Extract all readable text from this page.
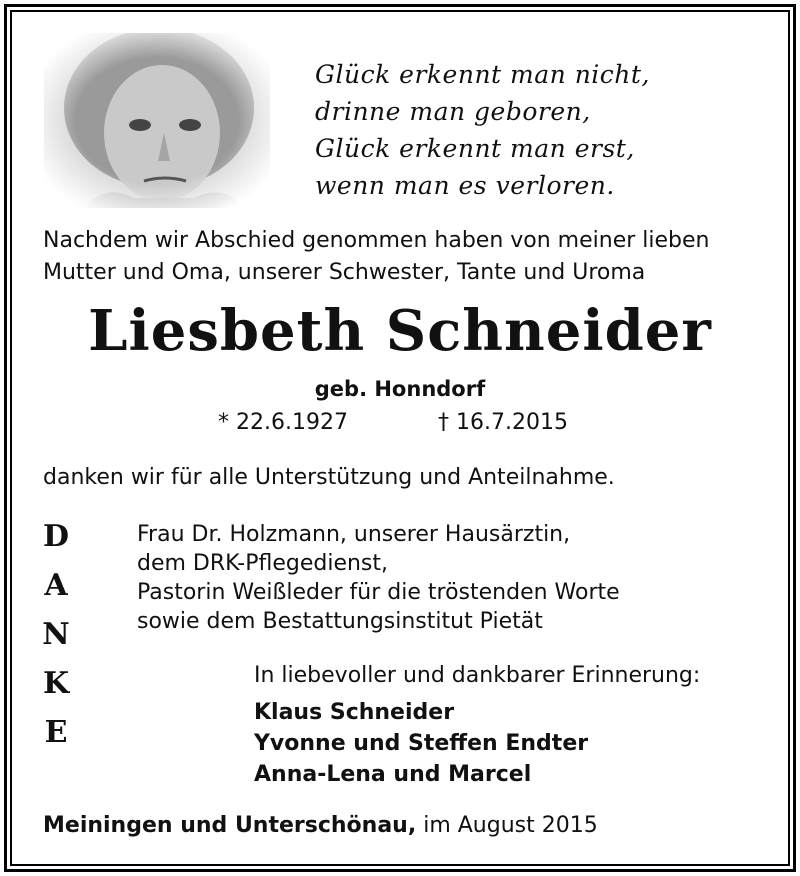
Glück erkennt man nicht,
drinne man geboren,
Glück erkennt man erst,
wenn man es verloren.
Nachdem wir Abschied genommen haben von meiner lieben
Mutter und Oma, unserer Schwester, Tante und Uroma
Liesbeth Schneider
geb. Honndorf
* 22.6.1927	† 16.7.2015
danken wir für alle Unterstützung und Anteilnahme.
D
A
N
K
E
Frau Dr. Holzmann, unserer Hausärztin,
dem DRK-Pflegedienst,
Pastorin Weißleder für die tröstenden Worte
sowie dem Bestattungsinstitut Pietät
In liebevoller und dankbarer Erinnerung:
Klaus Schneider
Yvonne und Steffen Endter
Anna-Lena und Marcel
Meiningen und Unterschönau, im August 2015
